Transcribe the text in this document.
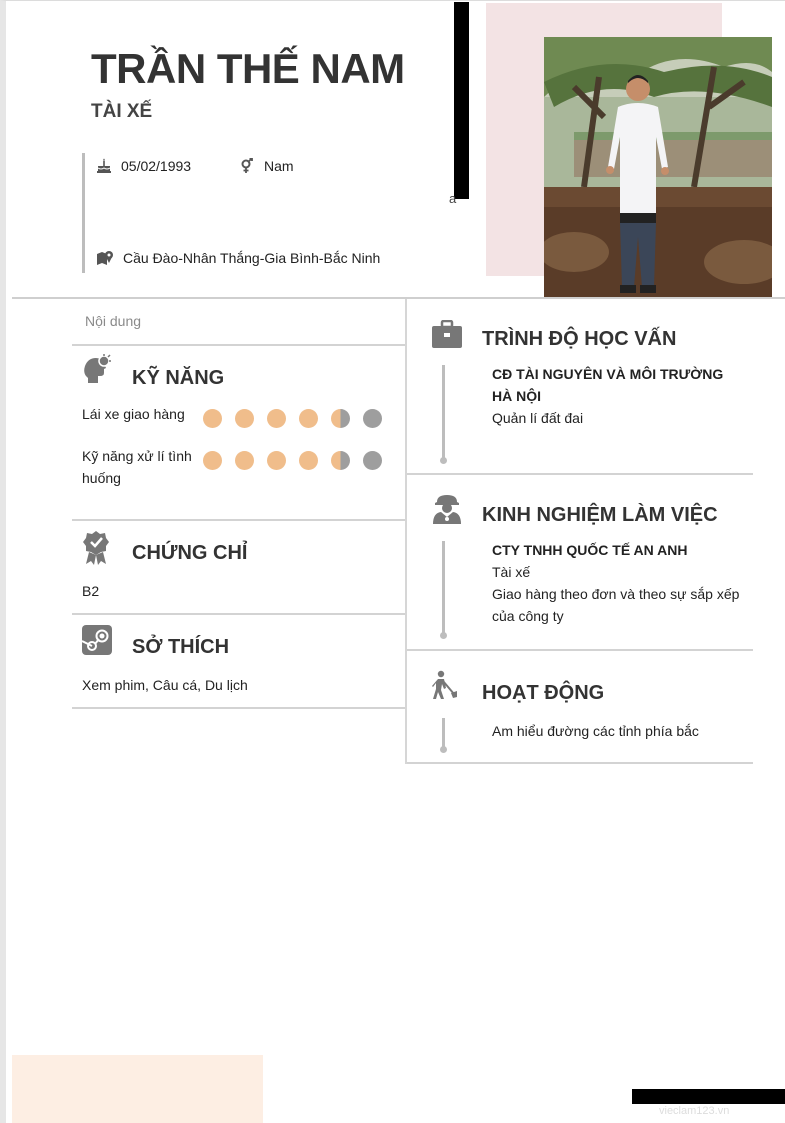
a
TRẦN THẾ NAM
TÀI XẾ
05/02/1993	Nam
Cầu Đào-Nhân Thắng-Gia Bình-Bắc Ninh
Nội dung
KỸ NĂNG
Lái xe giao hàng
Kỹ năng xử lí tình huống
CHỨNG CHỈ
B2
SỞ THÍCH
Xem phim, Câu cá, Du lịch
TRÌNH ĐỘ HỌC VẤN
CĐ TÀI NGUYÊN VÀ MÔI TRƯỜNG HÀ NỘI
Quản lí đất đai
KINH NGHIỆM LÀM VIỆC
CTY TNHH QUỐC TẾ AN ANH
Tài xế
Giao hàng theo đơn và theo sự sắp xếp của công ty
HOẠT ĐỘNG
Am hiểu đường các tỉnh phía bắc
vieclam123.vn
